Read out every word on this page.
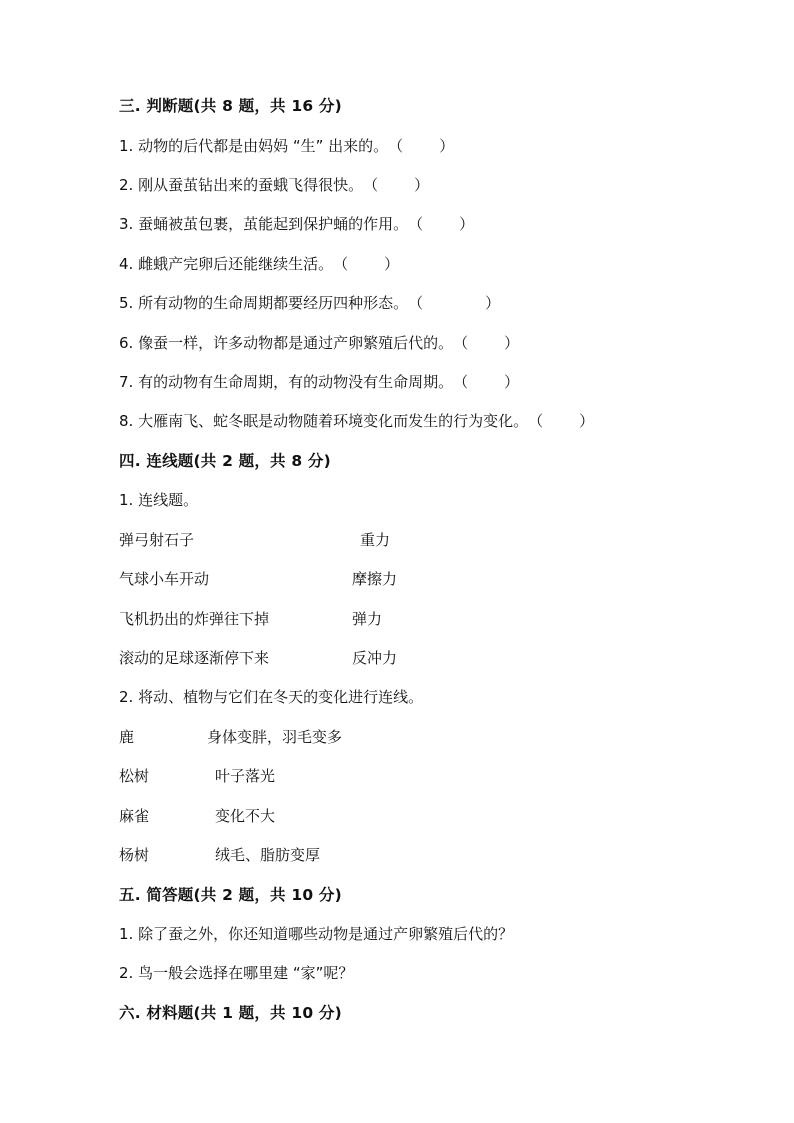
三. 判断题(共 8 题，共 16 分)
1. 动物的后代都是由妈妈 “生” 出来的。（ ）
2. 刚从蚕茧钻出来的蚕蛾飞得很快。（ ）
3. 蚕蛹被茧包裹，茧能起到保护蛹的作用。（ ）
4. 雌蛾产完卵后还能继续生活。（ ）
5. 所有动物的生命周期都要经历四种形态。（	）
6. 像蚕一样，许多动物都是通过产卵繁殖后代的。（ ）
7. 有的动物有生命周期，有的动物没有生命周期。（ ）
8. 大雁南飞、蛇冬眠是动物随着环境变化而发生的行为变化。（ ）
四. 连线题(共 2 题，共 8 分)
1. 连线题。
弹弓射石子	重力
气球小车开动	摩擦力
飞机扔出的炸弹往下掉	弹力
滚动的足球逐渐停下来	反冲力
2. 将动、植物与它们在冬天的变化进行连线。
鹿	身体变胖，羽毛变多
松树	叶子落光
麻雀	变化不大
杨树	绒毛、脂肪变厚
五. 简答题(共 2 题，共 10 分)
1. 除了蚕之外，你还知道哪些动物是通过产卵繁殖后代的？
2. 鸟一般会选择在哪里建 “家”呢？
六. 材料题(共 1 题，共 10 分)
